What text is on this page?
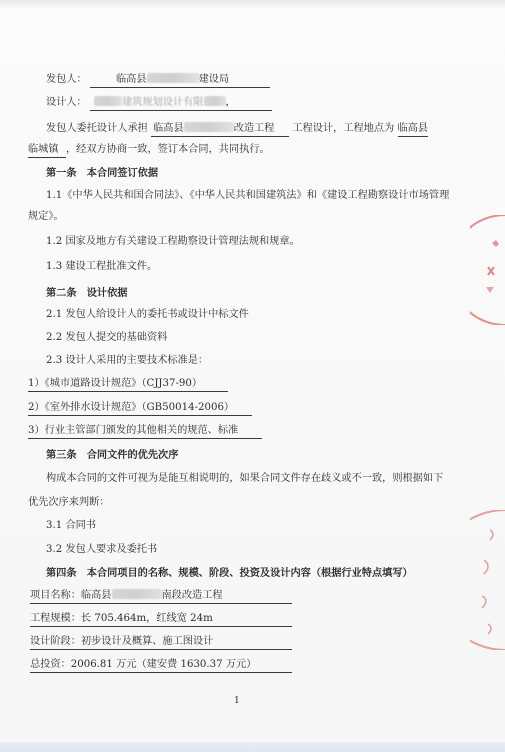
发包人：	临高县	建设局
设计人：	建筑规划设计有限 ，
发包人委托设计人承担 临高县	改造工程 工程设计，工程地点为 临高县
临城镇 ，经双方协商一致，签订本合同，共同执行。
第一条　本合同签订依据
1.1《中华人民共和国合同法》、《中华人民共和国建筑法》和《建设工程勘察设计市场管理
规定》。
1.2 国家及地方有关建设工程勘察设计管理法规和规章。
1.3 建设工程批准文件。
第二条　设计依据
2.1 发包人给设计人的委托书或设计中标文件
2.2 发包人提交的基础资料
2.3 设计人采用的主要技术标准是：
1）《城市道路设计规范》（CJJ37-90）
2）《室外排水设计规范》（GB50014-2006）
3）行业主管部门颁发的其他相关的规范、标准
第三条　合同文件的优先次序
构成本合同的文件可视为是能互相说明的，如果合同文件存在歧义或不一致，则根据如下
优先次序来判断：
3.1 合同书
3.2 发包人要求及委托书
第四条　本合同项目的名称、规模、阶段、投资及设计内容（根据行业特点填写）
项目名称：临高县	南段改造工程
工程规模：长 705.464m，红线宽 24m
设计阶段：初步设计及概算、施工图设计
总投资：2006.81 万元（建安费 1630.37 万元）
1
